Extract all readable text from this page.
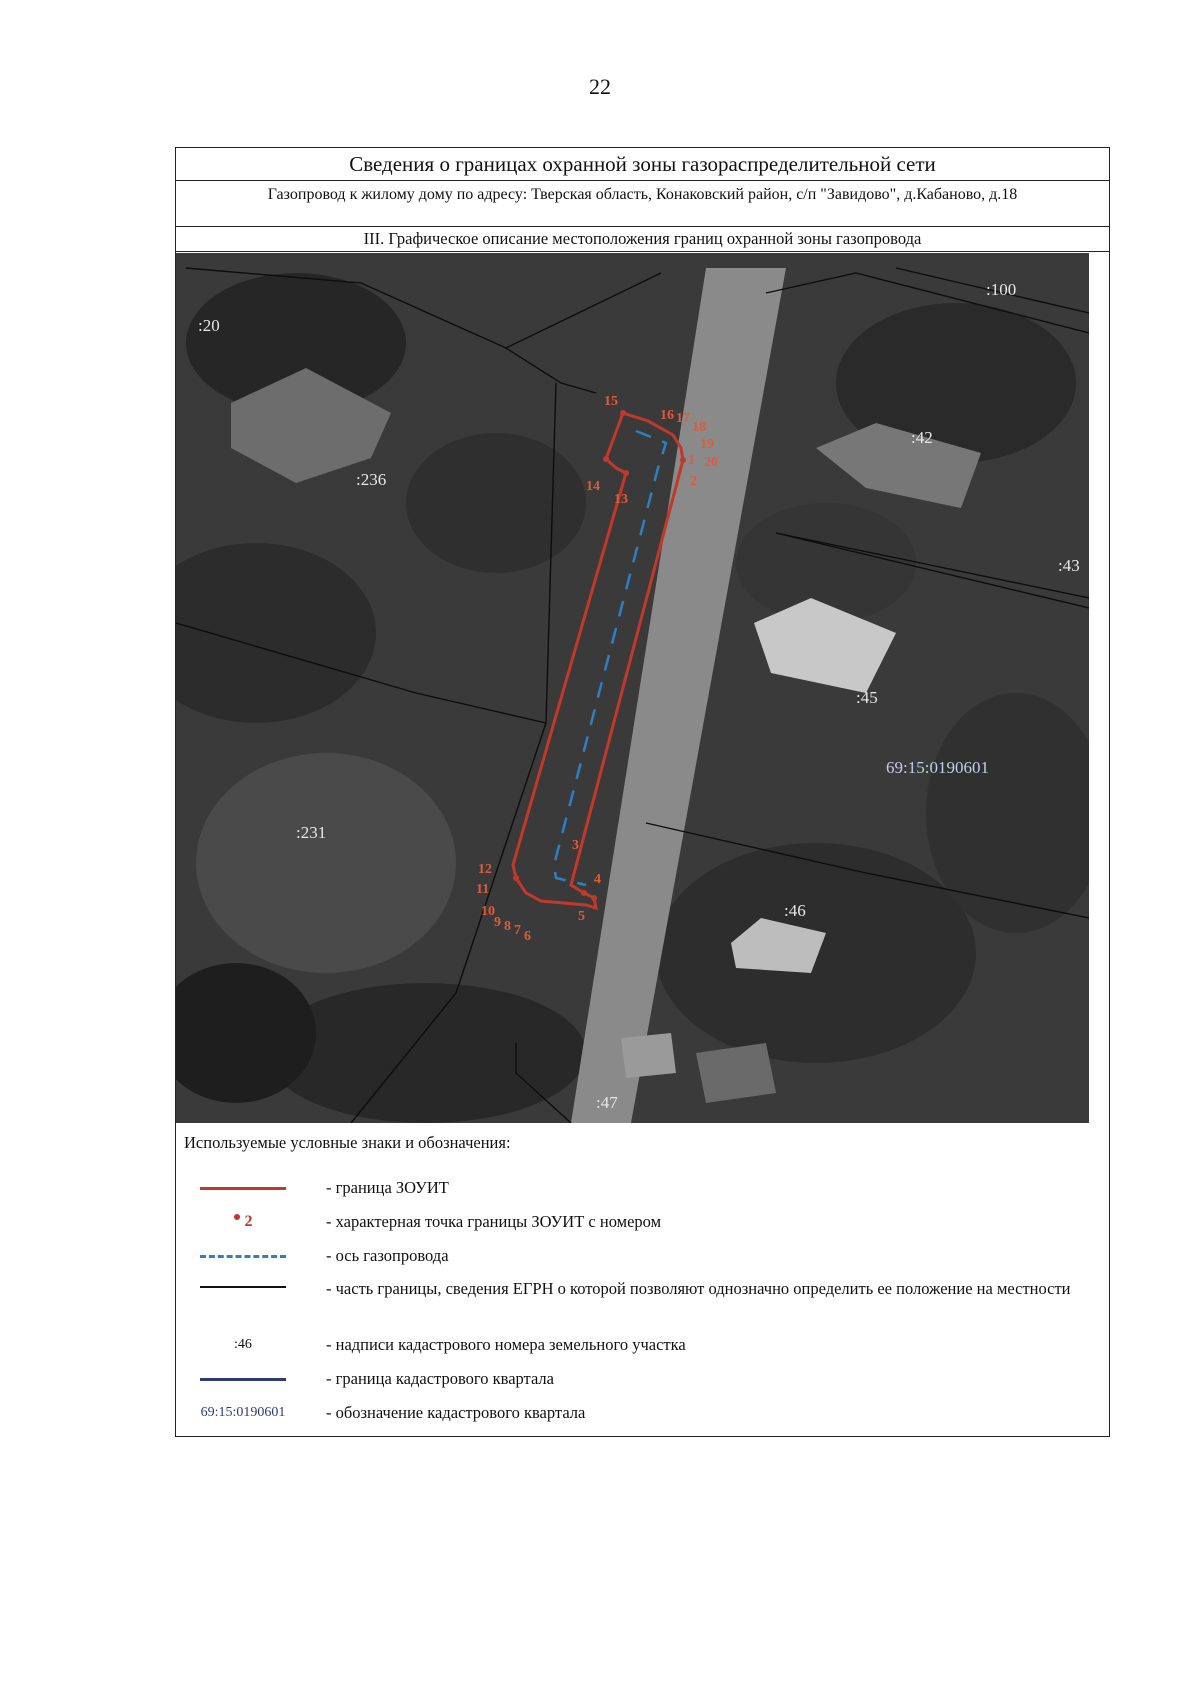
22
Сведения о границах охранной зоны газораспределительной сети
Газопровод к жилому дому по адресу: Тверская область, Конаковский район, с/п "Завидово", д.Кабаново, д.18
III. Графическое описание местоположения границ охранной зоны газопровода
1
2
3
4
5
6
7
8
9
10
11
12
13
14
15
16 17
18
19
20
:20
:100
:42
:236
:43
:45
:231
:46
:47
69:15:0190601
Используемые условные знаки и обозначения:
- граница ЗОУИТ
2	- характерная точка границы ЗОУИТ с номером
- ось газопровода
- часть границы, сведения ЕГРН о которой позволяют однозначно определить ее положение на местности
:46	- надписи кадастрового номера земельного участка
- граница кадастрового квартала
69:15:0190601 - обозначение кадастрового квартала
